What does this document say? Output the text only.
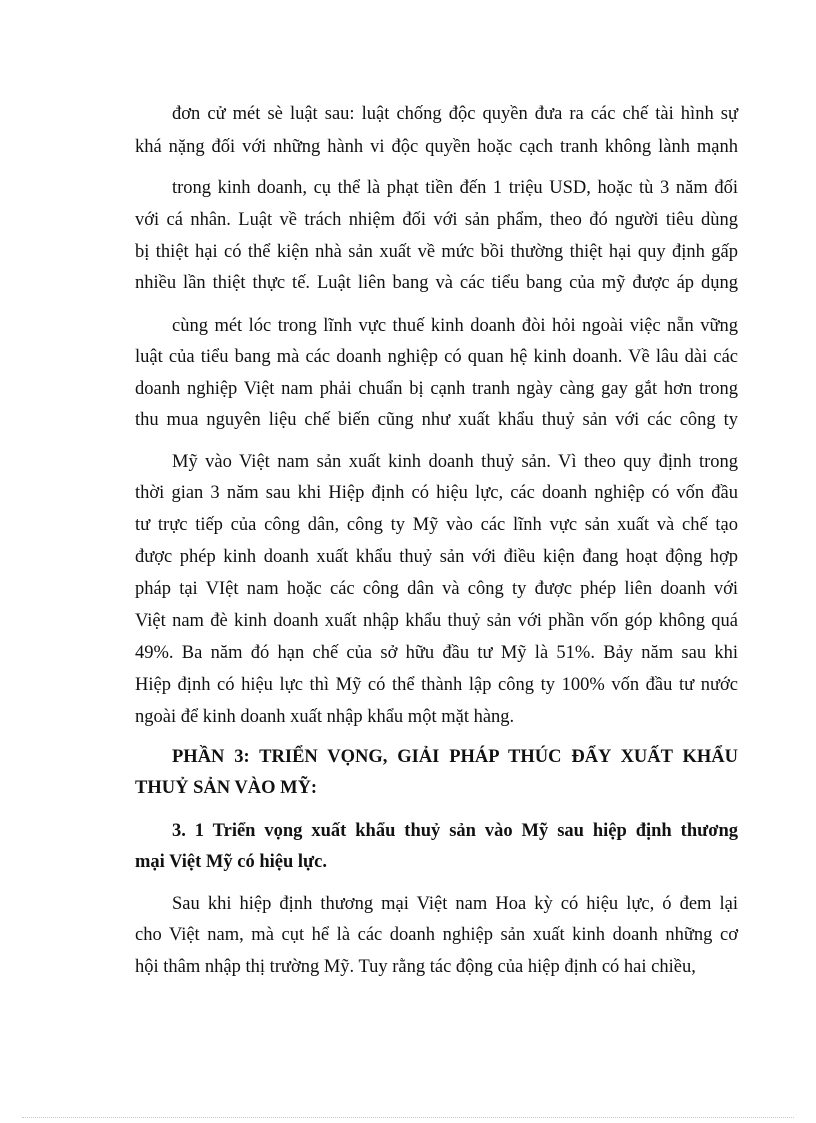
đơn cử mét sè luật sau: luật chống độc quyền đưa ra các chế tài hình sự
khá nặng đối với những hành vi độc quyền hoặc cạch tranh không lành mạnh
trong kinh doanh, cụ thể là phạt tiền đến 1 triệu USD, hoặc tù 3 năm đối
với cá nhân. Luật về trách nhiệm đối với sản phẩm, theo đó người tiêu dùng
bị thiệt hại có thể kiện nhà sản xuất về mức bồi thường thiệt hại quy định gấp
nhiều lần thiệt thực tế. Luật liên bang và các tiểu bang của mỹ được áp dụng
cùng mét lóc trong lĩnh vực thuế kinh doanh đòi hỏi ngoài việc nẵn vững
luật của tiểu bang mà các doanh nghiệp có quan hệ kinh doanh. Về lâu dài các
doanh nghiệp Việt nam phải chuẩn bị cạnh tranh ngày càng gay gắt hơn trong
thu mua nguyên liệu chế biến cũng như xuất khẩu thuỷ sản với các công ty
Mỹ vào Việt nam sản xuất kinh doanh thuỷ sản. Vì theo quy định trong
thời gian 3 năm sau khi Hiệp định có hiệu lực, các doanh nghiệp có vốn đầu
tư trực tiếp của công dân, công ty Mỹ vào các lĩnh vực sản xuất và chế tạo
được phép kinh doanh xuất khẩu thuỷ sản với điều kiện đang hoạt động hợp
pháp tại VIệt nam hoặc các công dân và công ty được phép liên doanh với
Việt nam đè kinh doanh xuất nhập khẩu thuỷ sản với phần vốn góp không quá
49%. Ba năm đó hạn chế của sở hữu đầu tư Mỹ là 51%. Bảy năm sau khi
Hiệp định có hiệu lực thì Mỹ có thể thành lập công ty 100% vốn đầu tư nước
ngoài để kinh doanh xuất nhập khẩu một mặt hàng.
PHẦN 3: TRIỂN VỌNG, GIẢI PHÁP THÚC ĐẨY XUẤT KHẨU
THUỶ SẢN VÀO MỸ:
3. 1 Triển vọng xuất khẩu thuỷ sản vào Mỹ sau hiệp định thương
mại Việt Mỹ có hiệu lực.
Sau khi hiệp định thương mại Việt nam Hoa kỳ có hiệu lực, ó đem lại
cho Việt nam, mà cụt hể là các doanh nghiệp sản xuất kinh doanh những cơ
hội thâm nhập thị trường Mỹ. Tuy rằng tác động của hiệp định có hai chiều,
